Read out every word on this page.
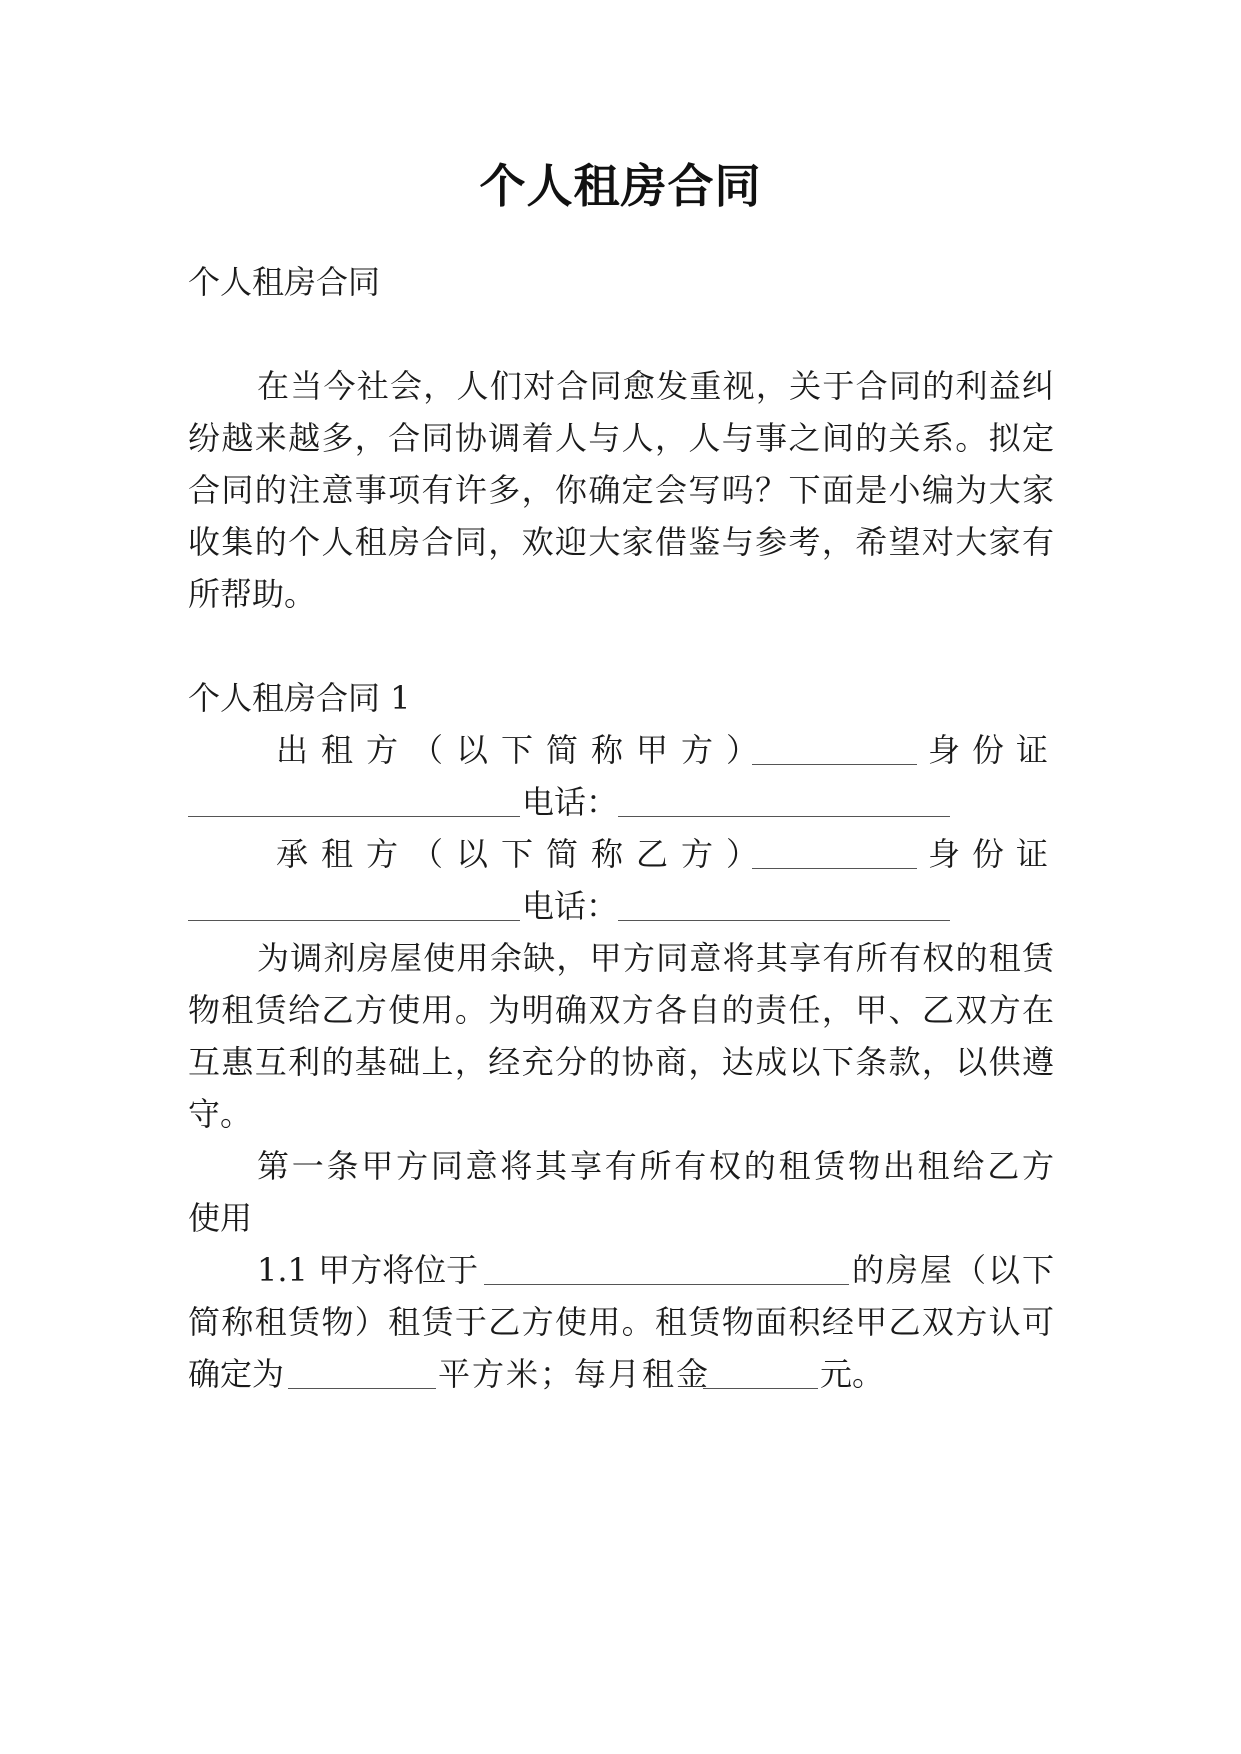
个人租房合同
个人租房合同
在当今社会，人们对合同愈发重视，关于合同的利益纠
纷越来越多，合同协调着人与人，人与事之间的关系。拟定
合同的注意事项有许多，你确定会写吗？下面是小编为大家
收集的个人租房合同，欢迎大家借鉴与参考，希望对大家有
所帮助。
个人租房合同 1
出租方（以下简称甲方）	身份证
电话：
承租方（以下简称乙方）	身份证
电话：
为调剂房屋使用余缺，甲方同意将其享有所有权的租赁
物租赁给乙方使用。为明确双方各自的责任，甲、乙双方在
互惠互利的基础上，经充分的协商，达成以下条款，以供遵
守。
第一条甲方同意将其享有所有权的租赁物出租给乙方
使用
1.1 甲方将位于	的房屋（以下
简称租赁物）租赁于乙方使用。租赁物面积经甲乙双方认可
确定为	平方米；每月租金	元。
